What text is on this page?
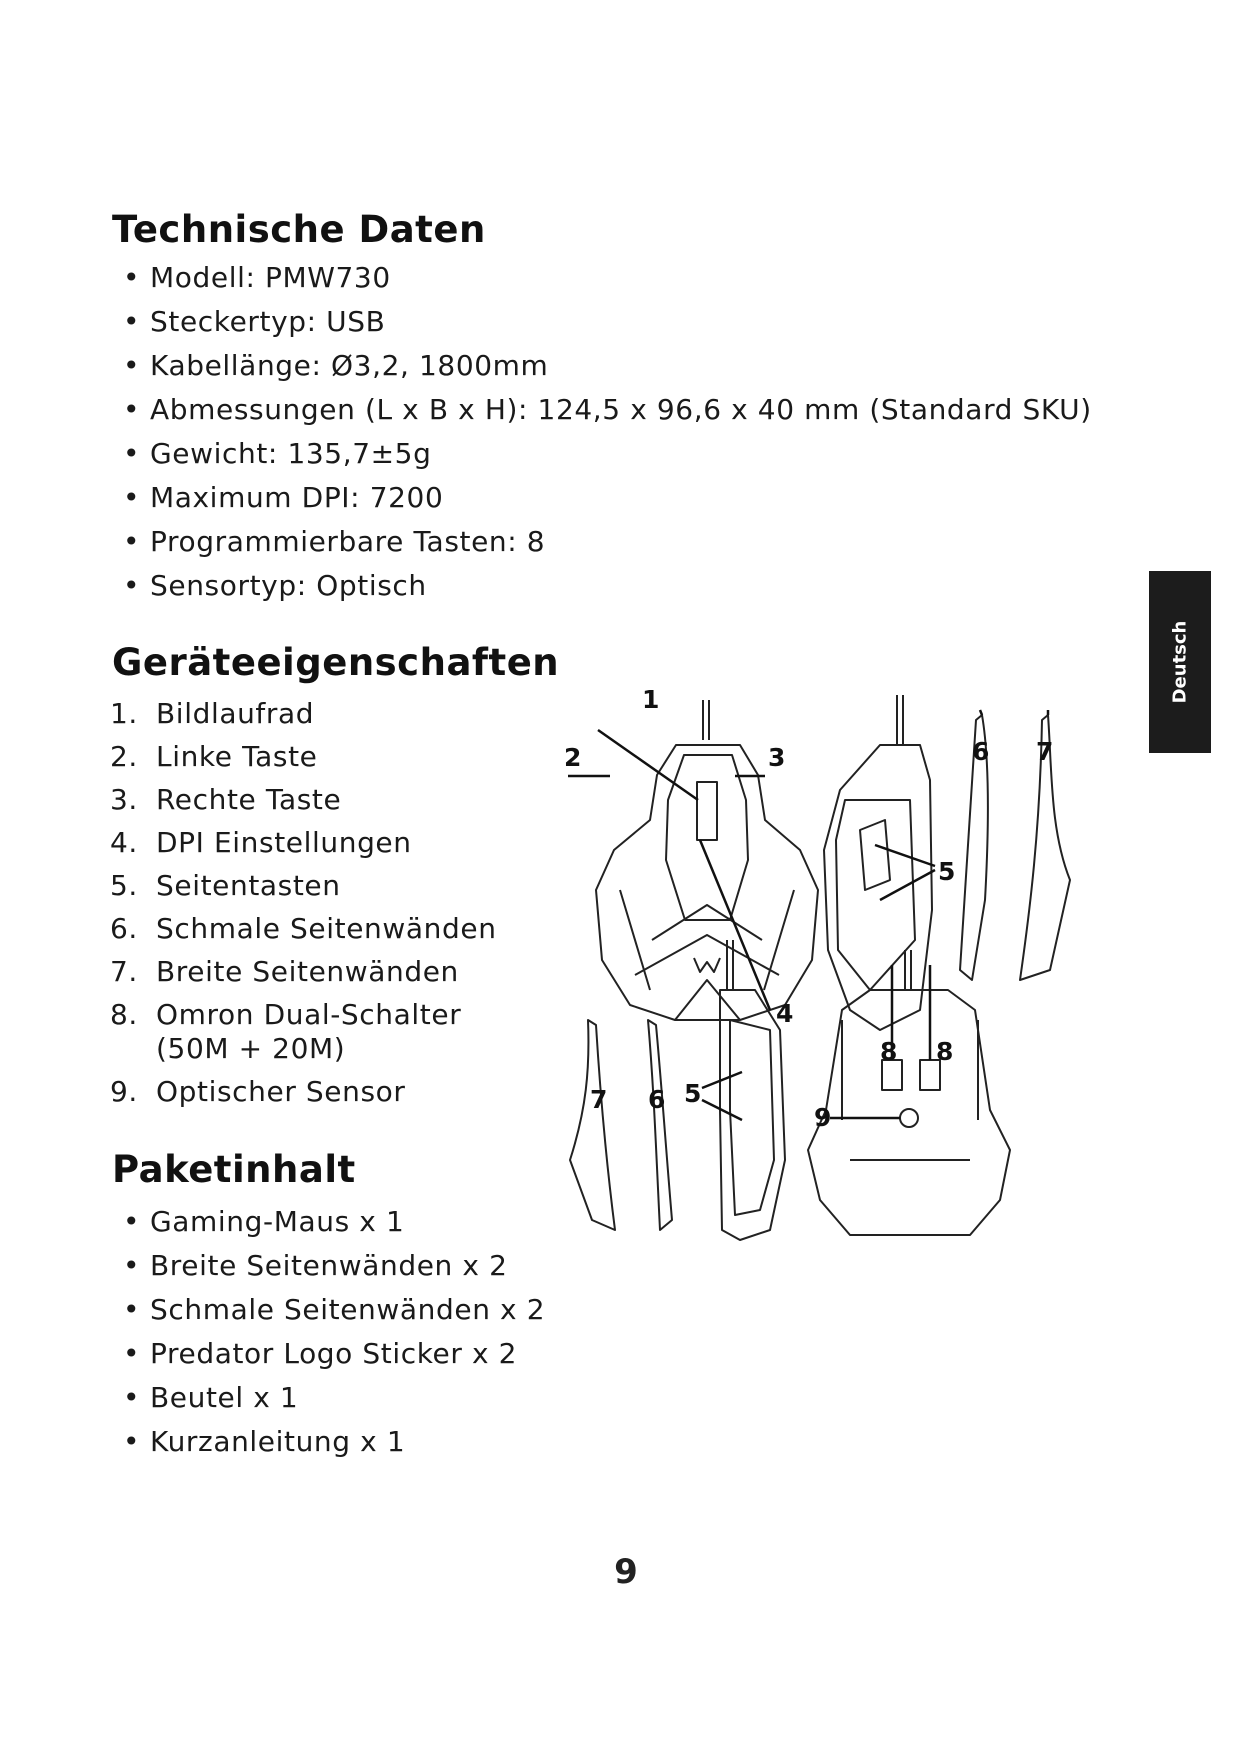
Technische Daten
• Modell: PMW730
• Steckertyp: USB
• Kabellänge: Ø3,2, 1800mm
• Abmessungen (L x B x H): 124,5 x 96,6 x 40 mm (Standard SKU)
• Gewicht: 135,7±5g
• Maximum DPI: 7200
• Programmierbare Tasten: 8
• Sensortyp: Optisch
Geräteeigenschaften
1. Bildlaufrad
2. Linke Taste
3. Rechte Taste
4. DPI Einstellungen
5. Seitentasten
6. Schmale Seitenwänden
7. Breite Seitenwänden
8. Omron Dual-Schalter
(50M + 20M)
9. Optischer Sensor
Paketinhalt
• Gaming-Maus x 1
• Breite Seitenwänden x 2
• Schmale Seitenwänden x 2
• Predator Logo Sticker x 2
• Beutel x 1
• Kurzanleitung x 1
Deutsch
1
2	3
4
5
6 7
7 6 5
8 8
9
9
